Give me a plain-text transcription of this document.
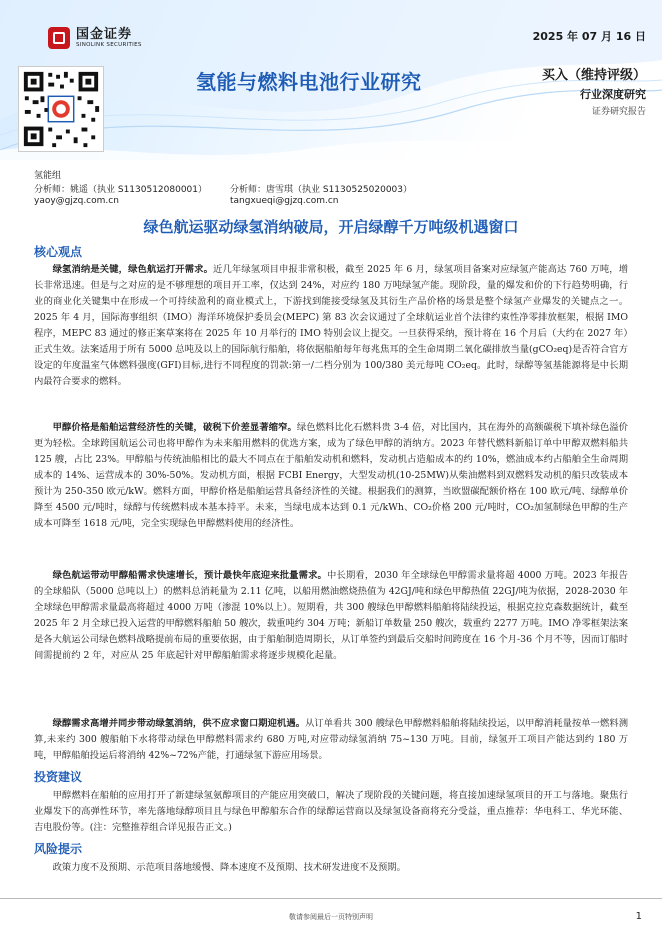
国金证券
SINOLINK SECURITIES
2025 年 07 月 16 日
氢能与燃料电池行业研究	买入（维持评级）
行业深度研究
证券研究报告
氢能组
分析师：姚遥（执业 S1130512080001）	分析师：唐雪琪（执业 S1130525020003）
yaoy@gjzq.com.cn	tangxueqi@gjzq.com.cn
绿色航运驱动绿氢消纳破局，开启绿醇千万吨级机遇窗口
核心观点

绿氢消纳是关键，绿色航运打开需求。近几年绿氢项目申报非常积极，截至 2025 年 6 月，绿氢项目备案对应绿氢产能高达 760 万吨，增长非常迅速。但是与之对应的是不够理想的项目开工率，仅达到 24%，对应约 180 万吨绿氢产能。现阶段，量的爆发和价的下行趋势明确，行业的商业化关键集中在形成一个可持续盈利的商业模式上，下游找到能接受绿氢及其衍生产品价格的场景是整个绿氢产业爆发的关键点之一。2025 年 4 月，国际海事组织（IMO）海洋环境保护委员会(MEPC) 第 83 次会议通过了全球航运业首个法律约束性净零排放框架，根据 IMO 程序，MEPC 83 通过的修正案草案将在 2025 年 10 月举行的 IMO 特别会议上提交。一旦获得采纳，预计将在 16 个月后（大约在 2027 年）正式生效。法案适用于所有 5000 总吨及以上的国际航行船舶，将依据船舶每年每兆焦耳的全生命周期二氧化碳排放当量(gCO₂eq)是否符合官方设定的年度温室气体燃料强度(GFI)目标,进行不同程度的罚款:第一/二档分别为 100/380 美元每吨 CO₂eq。此时，绿醇等氢基能源将是中长期内最符合要求的燃料。

甲醇价格是船舶运营经济性的关键，破税下价差显著缩窄。绿色燃料比化石燃料贵 3-4 倍，对比国内，其在海外的高额碳税下填补绿色溢价更为轻松。全球跨国航运公司也将甲醇作为未来船用燃料的优选方案，成为了绿色甲醇的消纳方。2023 年替代燃料新船订单中甲醇双燃料船共 125 艘，占比 23%。甲醇船与传统油船相比的最大不同点在于船舶发动机和燃料，发动机占造船成本的约 10%，燃油成本约占船舶全生命周期成本的 14%、运营成本的 30%-50%。发动机方面，根据 FCBI Energy，大型发动机(10-25MW)从柴油燃料到双燃料发动机的船只改装成本预计为 250-350 欧元/kW。燃料方面，甲醇价格是船舶运营具备经济性的关键。根据我们的测算，当欧盟碳配额价格在 100 欧元/吨、绿醇单价降至 4500 元/吨时，绿醇与传统燃料成本基本持平。未来，当绿电成本达到 0.1 元/kWh、CO₂价格 200 元/吨时，CO₂加氢制绿色甲醇的生产成本可降至 1618 元/吨，完全实现绿色甲醇燃料使用的经济性。

绿色航运带动甲醇船需求快速增长，预计最快年底迎来批量需求。中长期看，2030 年全球绿色甲醇需求量将超 4000 万吨。2023 年报告的全球船队（5000 总吨以上）的燃料总消耗量为 2.11 亿吨，以船用燃油燃烧热值为 42GJ/吨和绿色甲醇热值 22GJ/吨为依据，2028-2030 年全球绿色甲醇需求量最高将超过 4000 万吨（渗混 10%以上）。短期看，共 300 艘绿色甲醇燃料船舶将陆续投运，根据克拉克森数据统计，截至 2025 年 2 月全球已投入运营的甲醇燃料船舶 50 艘次，载重吨约 304 万吨；新船订单数量 250 艘次，载重约 2277 万吨。IMO 净零框架法案是各大航运公司绿色燃料战略提前布局的重要依据，由于船舶制造周期长，从订单签约到最后交船时间跨度在 16 个月-36 个月不等，因而订船时间需提前约 2 年，对应从 25 年底起针对甲醇船舶需求将逐步规模化起量。

绿醇需求高增并同步带动绿氢消纳，供不应求窗口期迎机遇。从订单看共 300 艘绿色甲醇燃料船舶将陆续投运，以甲醇消耗量按单一燃料测算,未来约 300 艘船舶下水将带动绿色甲醇燃料需求约 680 万吨,对应带动绿氢消纳 75~130 万吨。目前，绿氢开工项目产能达到约 180 万吨，甲醇船舶投运后将消纳 42%~72%产能，打通绿氢下游应用场景。

投资建议

甲醇燃料在船舶的应用打开了新建绿氢氨醇项目的产能应用突破口，解决了现阶段的关键问题，将直接加速绿氢项目的开工与落地。聚焦行业爆发下的高弹性环节，率先落地绿醇项目且与绿色甲醇船东合作的绿醇运营商以及绿氢设备商将充分受益，重点推荐：华电科工、华光环能、吉电股份等。(注：完整推荐组合详见报告正文。)

风险提示

政策力度不及预期、示范项目落地缓慢、降本速度不及预期、技术研发进度不及预期。

敬请参阅最后一页特别声明	1
